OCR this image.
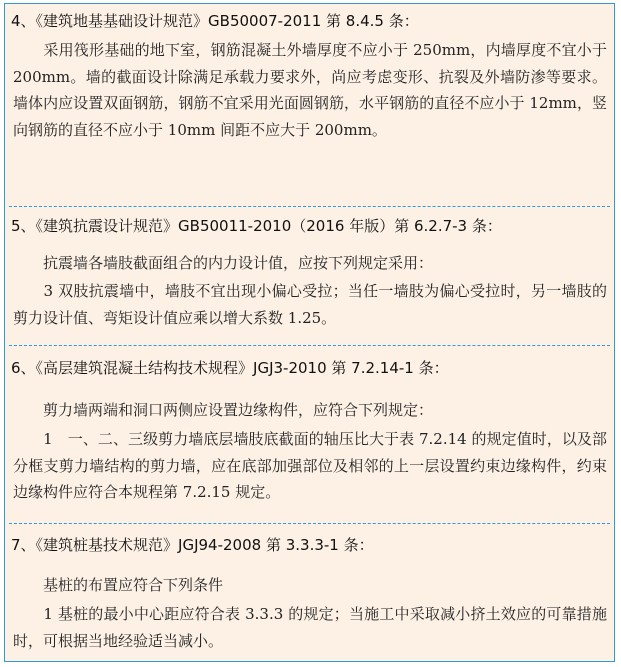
4、《建筑地基基础设计规范》GB50007-2011 第 8.4.5 条：
　　采用筏形基础的地下室，钢筋混凝土外墙厚度不应小于 250mm，内墙厚度不宜小于 200mm。墙的截面设计除满足承载力要求外，尚应考虑变形、抗裂及外墙防渗等要求。墙体内应设置双面钢筋，钢筋不宜采用光面圆钢筋，水平钢筋的直径不应小于 12mm，竖向钢筋的直径不应小于 10mm 间距不应大于 200mm。
5、《建筑抗震设计规范》GB50011-2010（2016 年版）第 6.2.7-3 条：
　　抗震墙各墙肢截面组合的内力设计值，应按下列规定采用：
　　3 双肢抗震墙中，墙肢不宜出现小偏心受拉；当任一墙肢为偏心受拉时，另一墙肢的剪力设计值、弯矩设计值应乘以增大系数 1.25。
6、《高层建筑混凝土结构技术规程》JGJ3-2010 第 7.2.14-1 条：
　　剪力墙两端和洞口两侧应设置边缘构件，应符合下列规定：
　　1　一、二、三级剪力墙底层墙肢底截面的轴压比大于表 7.2.14 的规定值时，以及部分框支剪力墙结构的剪力墙，应在底部加强部位及相邻的上一层设置约束边缘构件，约束边缘构件应符合本规程第 7.2.15 规定。
7、《建筑桩基技术规范》JGJ94-2008 第 3.3.3-1 条：
　　基桩的布置应符合下列条件
　　1 基桩的最小中心距应符合表 3.3.3 的规定；当施工中采取减小挤土效应的可靠措施时，可根据当地经验适当减小。
